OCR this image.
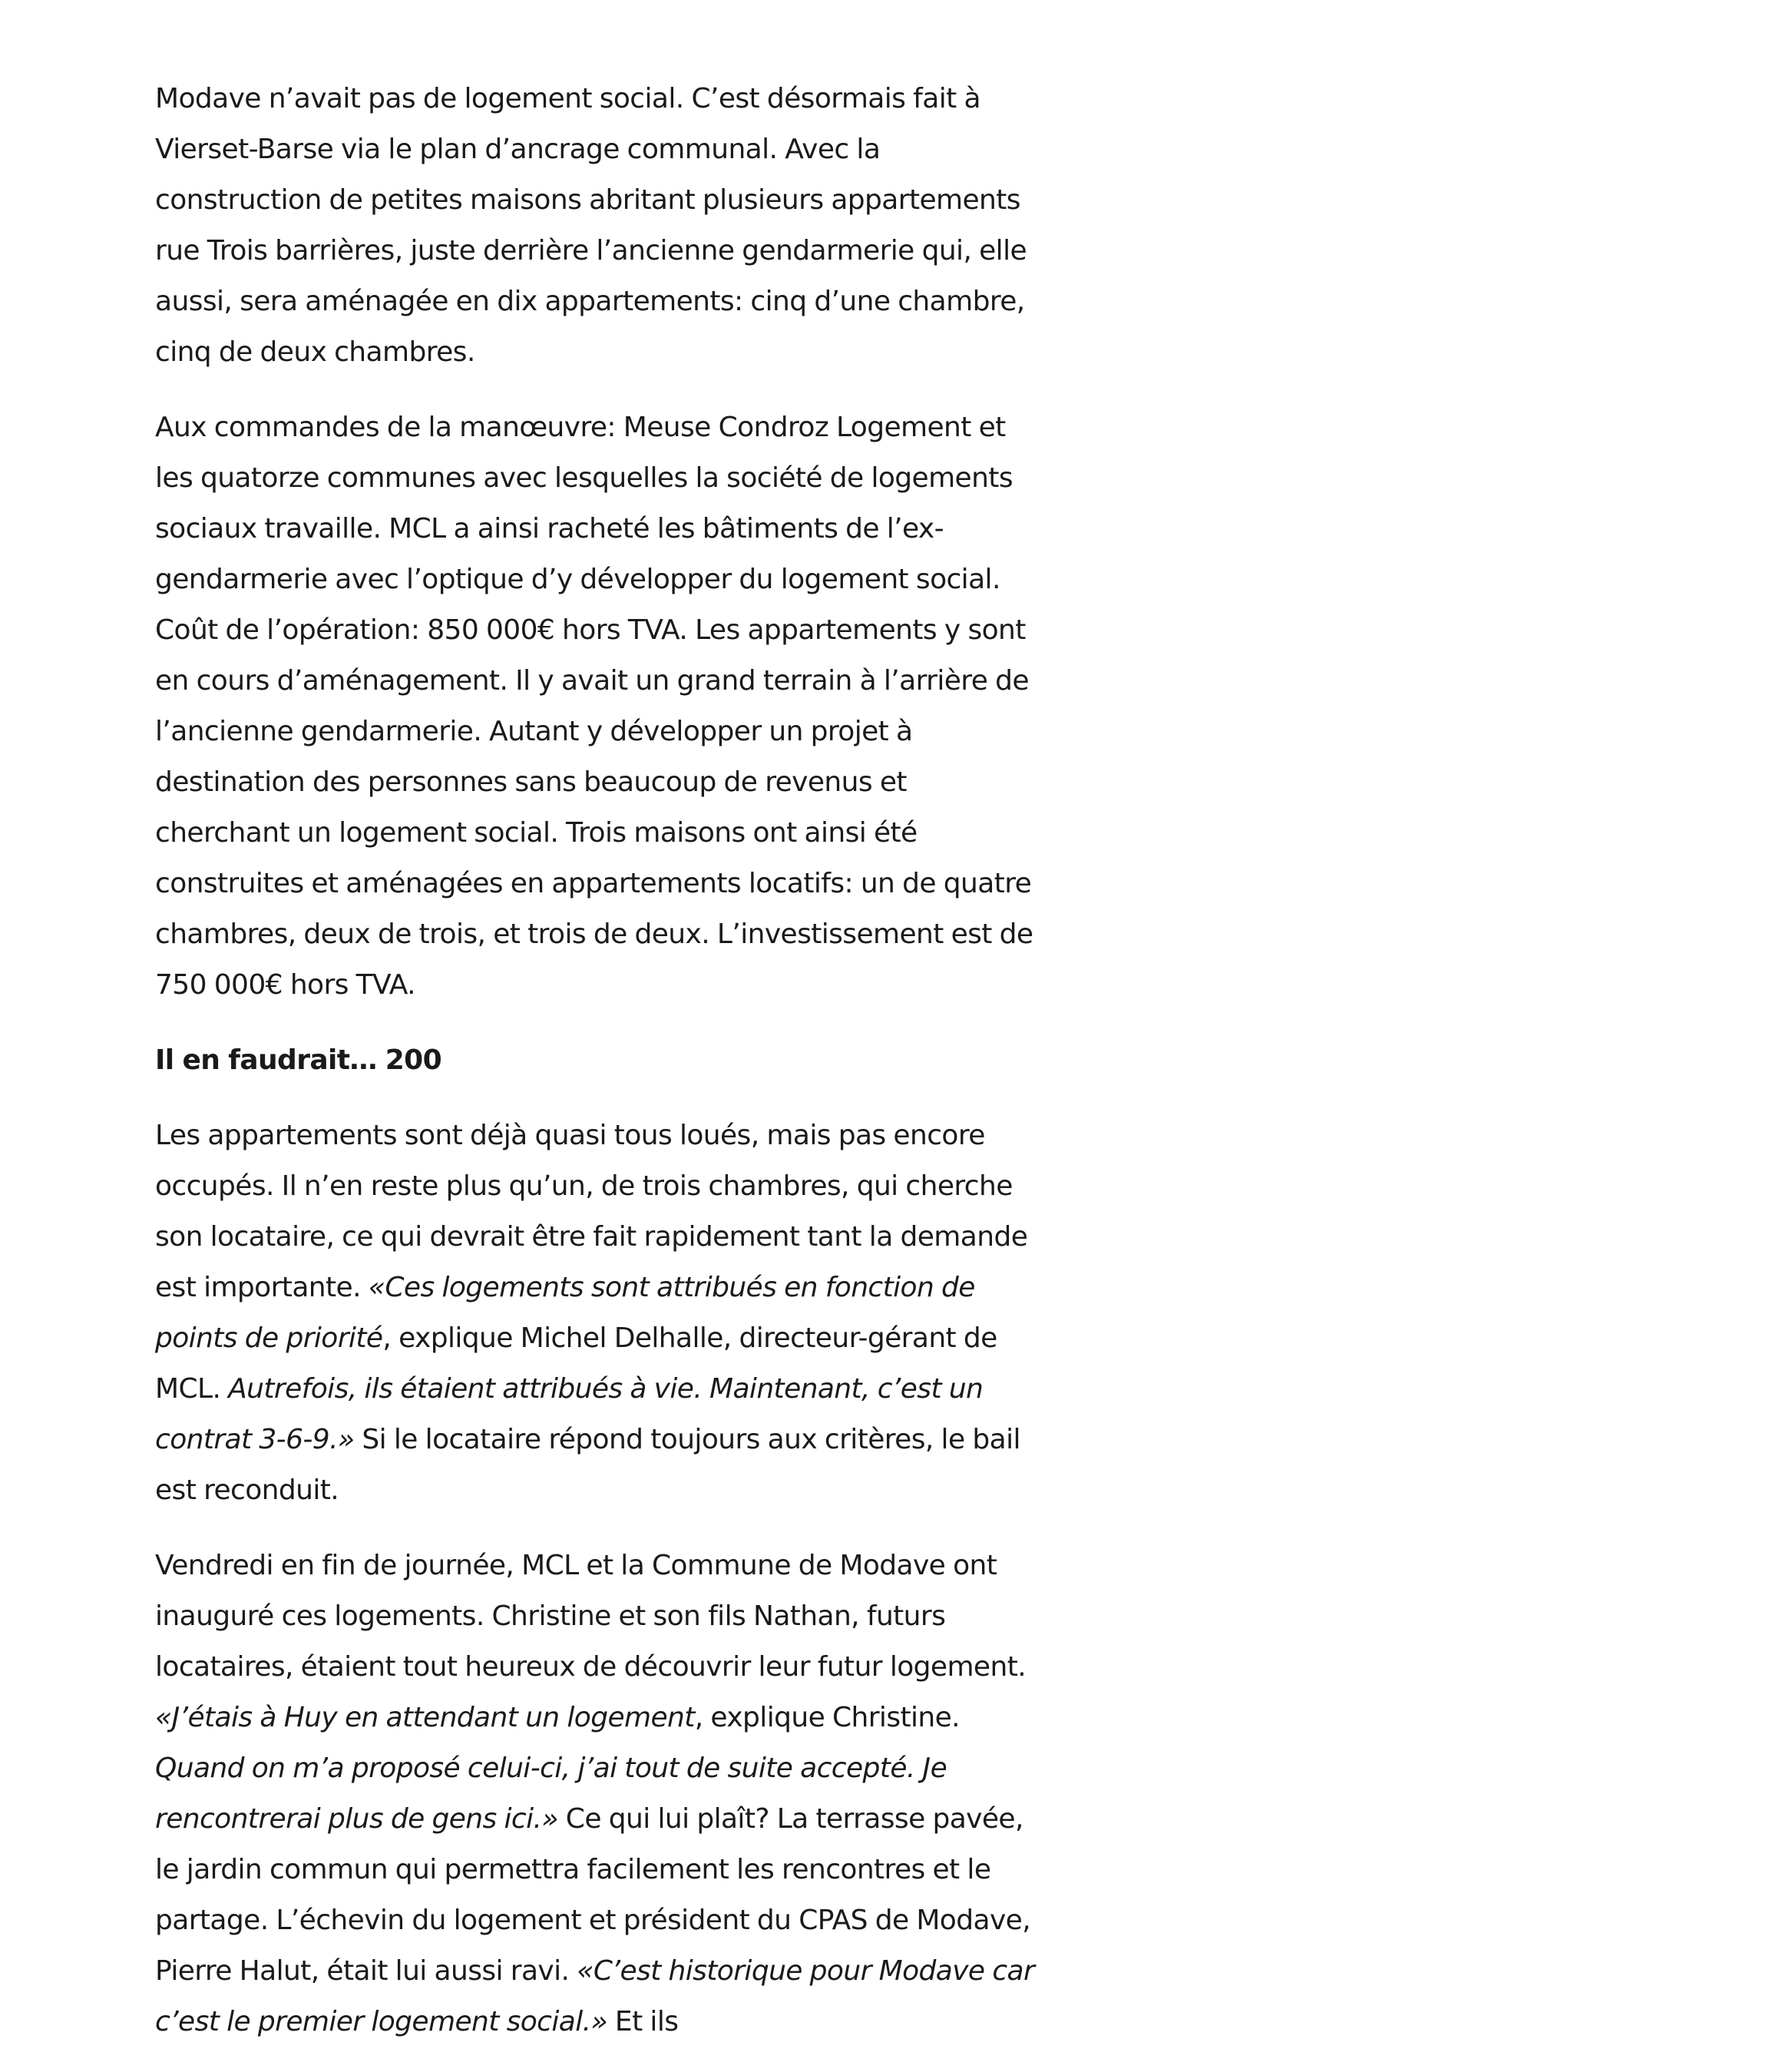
Modave n’avait pas de logement social. C’est désormais fait à Vierset-Barse via le plan d’ancrage communal. Avec la construction de petites maisons abritant plusieurs appartements rue Trois barrières, juste derrière l’ancienne gendarmerie qui, elle aussi, sera aménagée en dix appartements: cinq d’une chambre, cinq de deux chambres.

Aux commandes de la manœuvre: Meuse Condroz Logement et les quatorze communes avec lesquelles la société de logements sociaux travaille. MCL a ainsi racheté les bâtiments de l’ex-gendarmerie avec l’optique d’y développer du logement social. Coût de l’opération: 850 000€ hors TVA. Les appartements y sont en cours d’aménagement. Il y avait un grand terrain à l’arrière de l’ancienne gendarmerie. Autant y développer un projet à destination des personnes sans beaucoup de revenus et cherchant un logement social. Trois maisons ont ainsi été construites et aménagées en appartements locatifs: un de quatre chambres, deux de trois, et trois de deux. L’investissement est de 750 000€ hors TVA.

Il en faudrait… 200

Les appartements sont déjà quasi tous loués, mais pas encore occupés. Il n’en reste plus qu’un, de trois chambres, qui cherche son locataire, ce qui devrait être fait rapidement tant la demande est importante. «Ces logements sont attribués en fonction de points de priorité, explique Michel Delhalle, directeur-gérant de MCL. Autrefois, ils étaient attribués à vie. Maintenant, c’est un contrat 3-6-9.» Si le locataire répond toujours aux critères, le bail est reconduit.

Vendredi en fin de journée, MCL et la Commune de Modave ont inauguré ces logements. Christine et son fils Nathan, futurs locataires, étaient tout heureux de découvrir leur futur logement. «J’étais à Huy en attendant un logement, explique Christine. Quand on m’a proposé celui-ci, j’ai tout de suite accepté. Je rencontrerai plus de gens ici.» Ce qui lui plaît? La terrasse pavée, le jardin commun qui permettra facilement les rencontres et le partage. L’échevin du logement et président du CPAS de Modave, Pierre Halut, était lui aussi ravi. «C’est historique pour Modave car c’est le premier logement social.» Et ils
